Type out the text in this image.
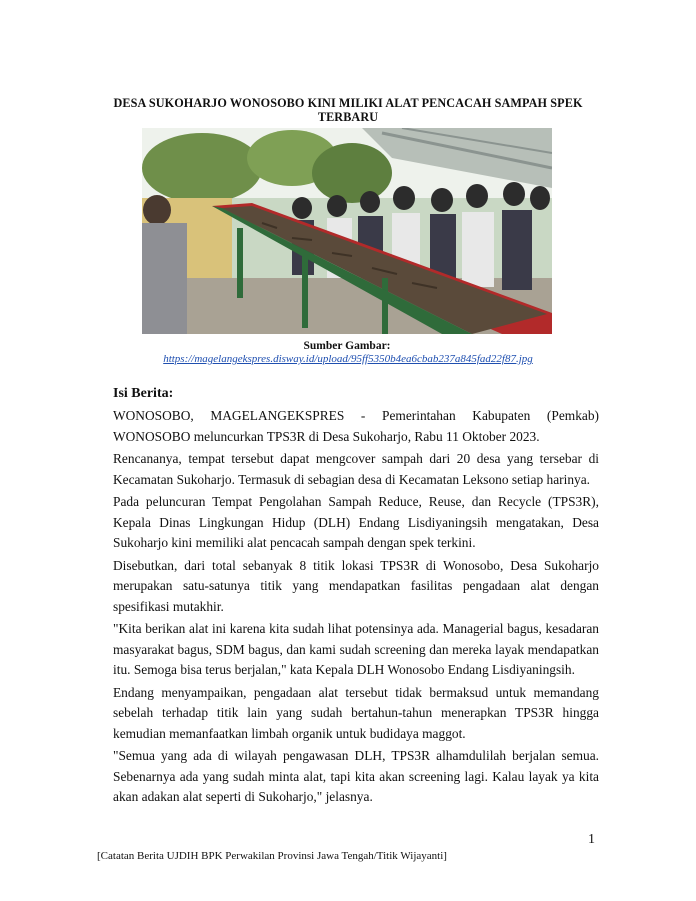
DESA SUKOHARJO WONOSOBO KINI MILIKI ALAT PENCACAH SAMPAH SPEK TERBARU
Sumber Gambar:
https://magelangekspres.disway.id/upload/95ff5350b4ea6cbab237a845fad22f87.jpg
Isi Berita:

WONOSOBO, MAGELANGEKSPRES - Pemerintahan Kabupaten (Pemkab) WONOSOBO meluncurkan TPS3R di Desa Sukoharjo, Rabu 11 Oktober 2023.

Rencananya, tempat tersebut dapat mengcover sampah dari 20 desa yang tersebar di Kecamatan Sukoharjo. Termasuk di sebagian desa di Kecamatan Leksono setiap harinya.

Pada peluncuran Tempat Pengolahan Sampah Reduce, Reuse, dan Recycle (TPS3R), Kepala Dinas Lingkungan Hidup (DLH) Endang Lisdiyaningsih mengatakan, Desa Sukoharjo kini memiliki alat pencacah sampah dengan spek terkini.

Disebutkan, dari total sebanyak 8 titik lokasi TPS3R di Wonosobo, Desa Sukoharjo merupakan satu-satunya titik yang mendapatkan fasilitas pengadaan alat dengan spesifikasi mutakhir.

"Kita berikan alat ini karena kita sudah lihat potensinya ada. Managerial bagus, kesadaran masyarakat bagus, SDM bagus, dan kami sudah screening dan mereka layak mendapatkan itu. Semoga bisa terus berjalan," kata Kepala DLH Wonosobo Endang Lisdiyaningsih.

Endang menyampaikan, pengadaan alat tersebut tidak bermaksud untuk memandang sebelah terhadap titik lain yang sudah bertahun-tahun menerapkan TPS3R hingga kemudian memanfaatkan limbah organik untuk budidaya maggot.

"Semua yang ada di wilayah pengawasan DLH, TPS3R alhamdulilah berjalan semua. Sebenarnya ada yang sudah minta alat, tapi kita akan screening lagi. Kalau layak ya kita akan adakan alat seperti di Sukoharjo," jelasnya.

1
[Catatan Berita UJDIH BPK Perwakilan Provinsi Jawa Tengah/Titik Wijayanti]
